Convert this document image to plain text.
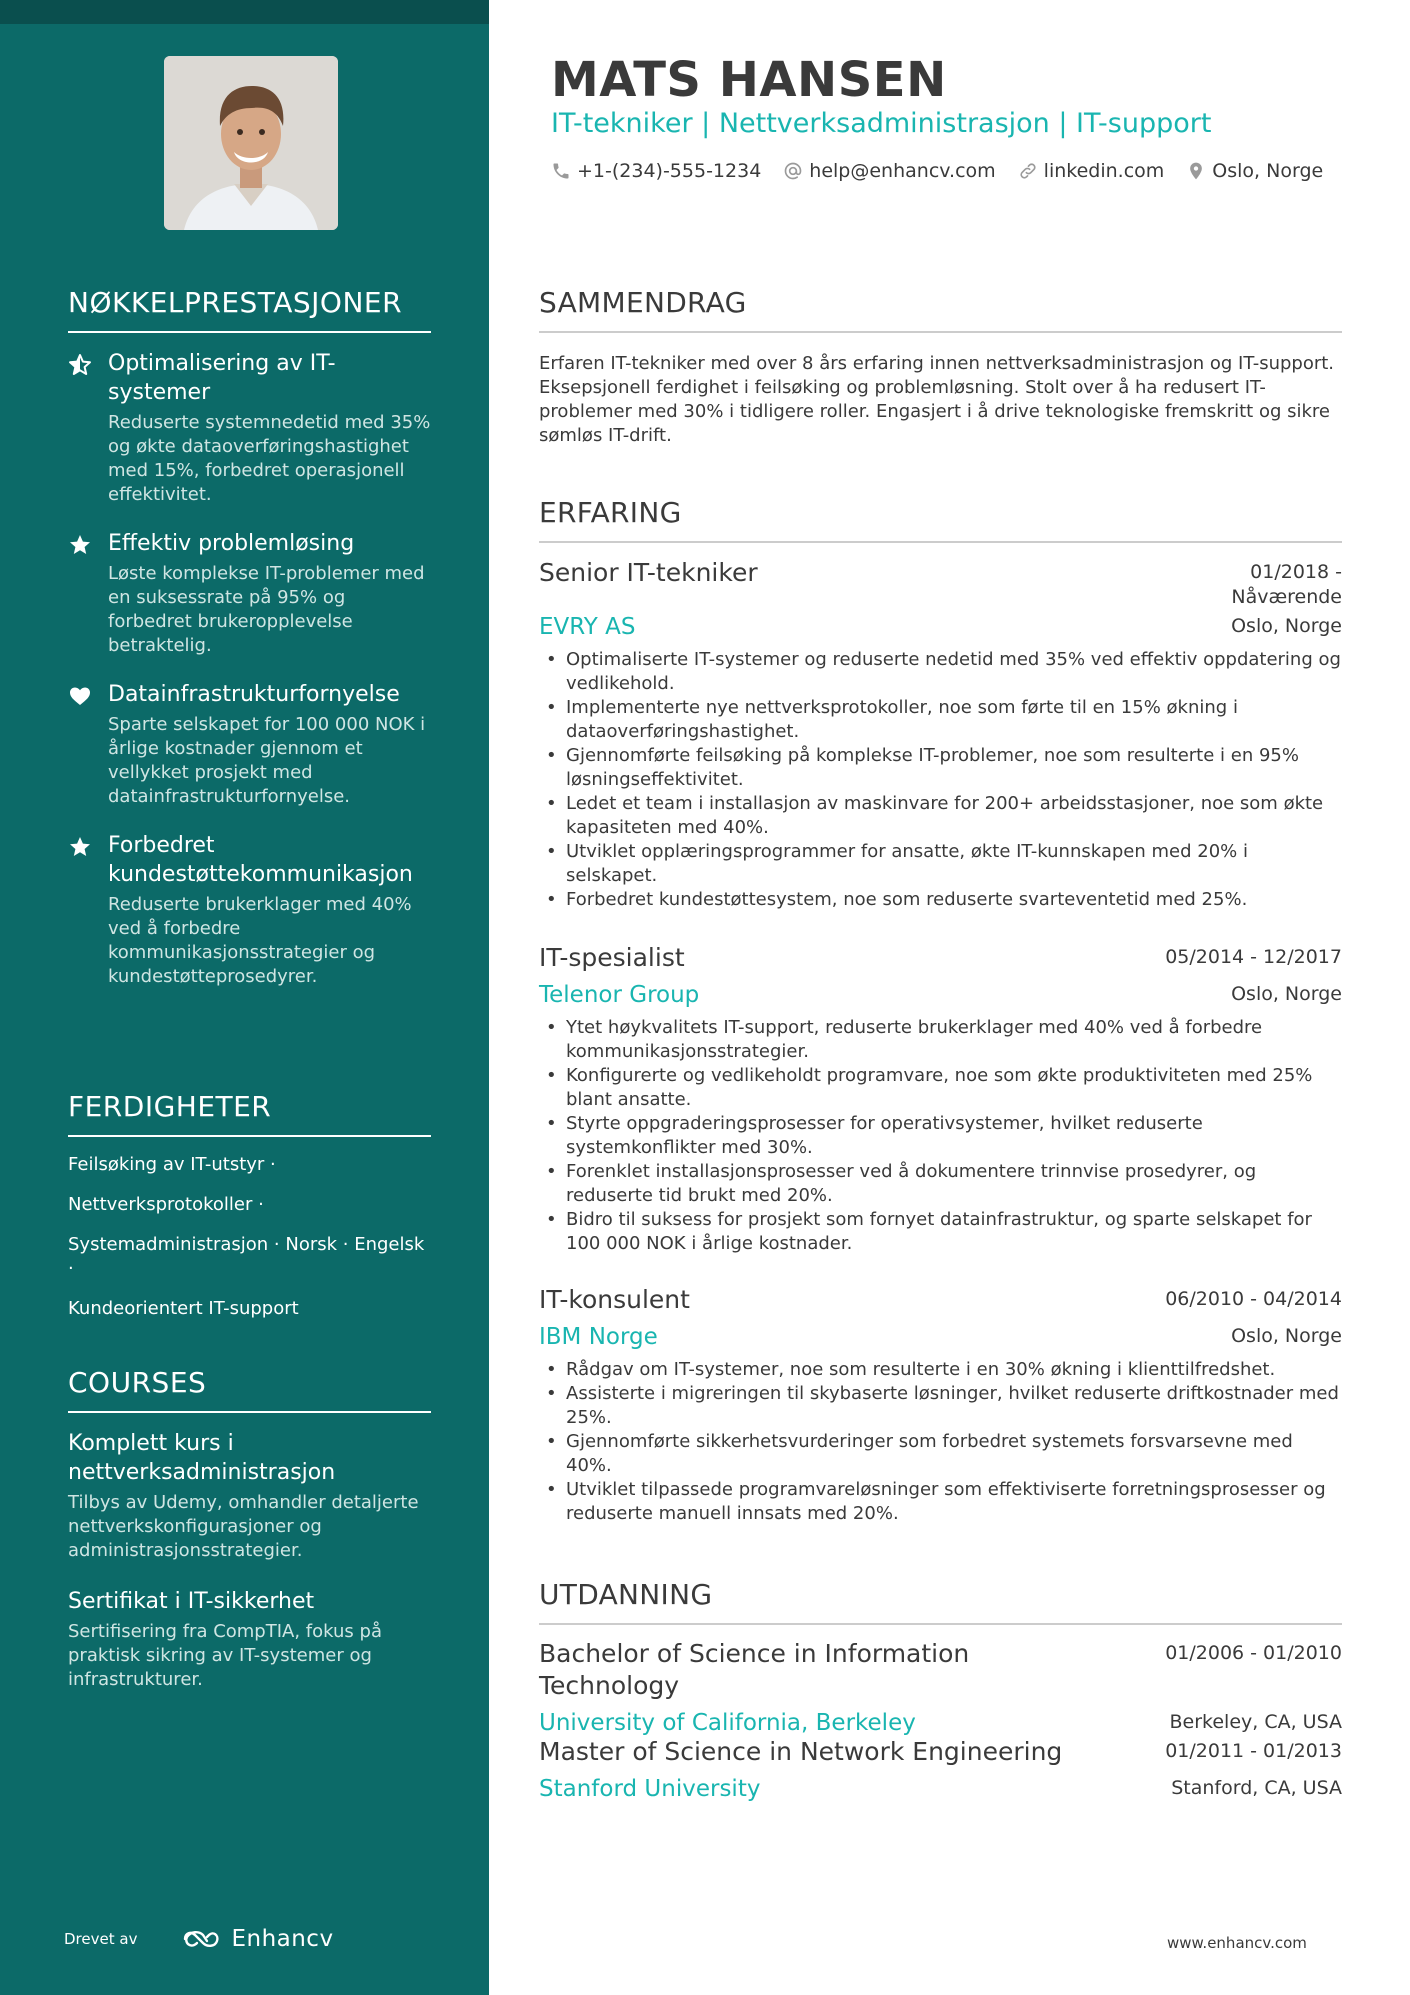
NØKKELPRESTASJONER
Optimalisering av IT-systemer
Reduserte systemnedetid med 35% og økte dataoverføringshastighet med 15%, forbedret operasjonell effektivitet.
Effektiv problemløsing
Løste komplekse IT-problemer med en suksessrate på 95% og forbedret brukeropplevelse betraktelig.
Datainfrastrukturfornyelse
Sparte selskapet for 100 000 NOK i årlige kostnader gjennom et vellykket prosjekt med datainfrastrukturfornyelse.
Forbedret kundestøttekommunikasjon
Reduserte brukerklager med 40% ved å forbedre kommunikasjonsstrategier og kundestøtteprosedyrer.
FERDIGHETER
Feilsøking av IT-utstyr ·
Nettverksprotokoller ·
Systemadministrasjon · Norsk · Engelsk ·
Kundeorientert IT-support
COURSES
Komplett kurs i nettverksadministrasjon
Tilbys av Udemy, omhandler detaljerte nettverkskonfigurasjoner og administrasjonsstrategier.
Sertifikat i IT-sikkerhet
Sertifisering fra CompTIA, fokus på praktisk sikring av IT-systemer og infrastrukturer.
Drevet av	Enhancv
MATS HANSEN
IT-tekniker | Nettverksadministrasjon | IT-support
+1-(234)-555-1234	help@enhancv.com	linkedin.com	Oslo, Norge
SAMMENDRAG
Erfaren IT-tekniker med over 8 års erfaring innen nettverksadministrasjon og IT-support. Eksepsjonell ferdighet i feilsøking og problemløsning. Stolt over å ha redusert IT-problemer med 30% i tidligere roller. Engasjert i å drive teknologiske fremskritt og sikre sømløs IT-drift.
ERFARING
Senior IT-tekniker	01/2018 - Nåværende
EVRY AS	Oslo, Norge
• Optimaliserte IT-systemer og reduserte nedetid med 35% ved effektiv oppdatering og vedlikehold.
• Implementerte nye nettverksprotokoller, noe som førte til en 15% økning i dataoverføringshastighet.
• Gjennomførte feilsøking på komplekse IT-problemer, noe som resulterte i en 95% løsningseffektivitet.
• Ledet et team i installasjon av maskinvare for 200+ arbeidsstasjoner, noe som økte kapasiteten med 40%.
• Utviklet opplæringsprogrammer for ansatte, økte IT-kunnskapen med 20% i selskapet.
• Forbedret kundestøttesystem, noe som reduserte svarteventetid med 25%.
IT-spesialist	05/2014 - 12/2017
Telenor Group	Oslo, Norge
• Ytet høykvalitets IT-support, reduserte brukerklager med 40% ved å forbedre kommunikasjonsstrategier.
• Konfigurerte og vedlikeholdt programvare, noe som økte produktiviteten med 25% blant ansatte.
• Styrte oppgraderingsprosesser for operativsystemer, hvilket reduserte systemkonflikter med 30%.
• Forenklet installasjonsprosesser ved å dokumentere trinnvise prosedyrer, og reduserte tid brukt med 20%.
• Bidro til suksess for prosjekt som fornyet datainfrastruktur, og sparte selskapet for 100 000 NOK i årlige kostnader.
IT-konsulent	06/2010 - 04/2014
IBM Norge	Oslo, Norge
• Rådgav om IT-systemer, noe som resulterte i en 30% økning i klienttilfredshet.
• Assisterte i migreringen til skybaserte løsninger, hvilket reduserte driftkostnader med 25%.
• Gjennomførte sikkerhetsvurderinger som forbedret systemets forsvarsevne med 40%.
• Utviklet tilpassede programvareløsninger som effektiviserte forretningsprosesser og reduserte manuell innsats med 20%.
UTDANNING
Bachelor of Science in Information Technology
01/2006 - 01/2010
University of California, Berkeley	Berkeley, CA, USA
Master of Science in Network Engineering	01/2011 - 01/2013
Stanford University	Stanford, CA, USA
www.enhancv.com
